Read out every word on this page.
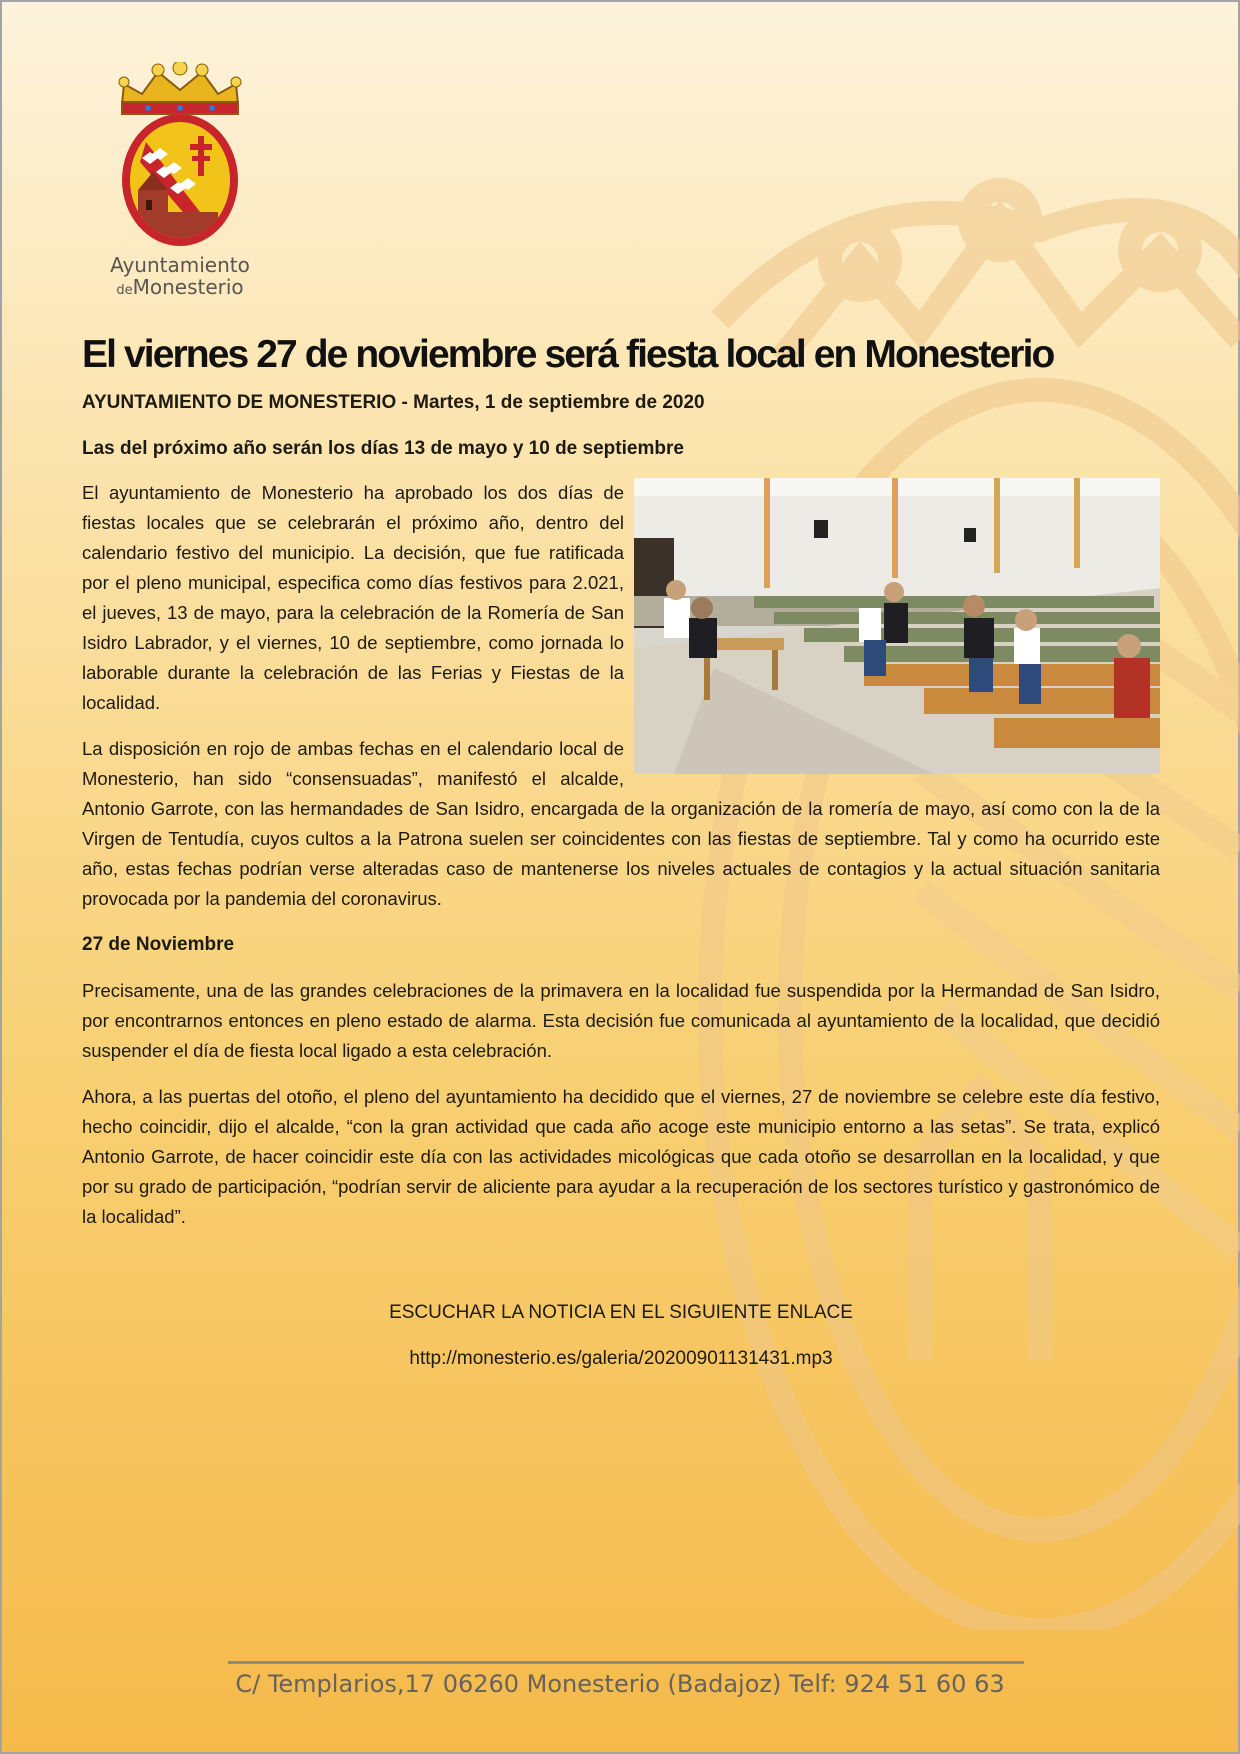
Ayuntamiento
deMonesterio
El viernes 27 de noviembre será fiesta local en Monesterio

AYUNTAMIENTO DE MONESTERIO - Martes, 1 de septiembre de 2020

Las del próximo año serán los días 13 de mayo y 10 de septiembre

El ayuntamiento de Monesterio ha aprobado los dos días de fiestas locales que se celebrarán el próximo año, dentro del calendario festivo del municipio. La decisión, que fue ratificada por el pleno municipal, especifica como días festivos para 2.021, el jueves, 13 de mayo, para la celebración de la Romería de San Isidro Labrador, y el viernes, 10 de septiembre, como jornada lo laborable durante la celebración de las Ferias y Fiestas de la localidad.

La disposición en rojo de ambas fechas en el calendario local de Monesterio, han sido “consensuadas”, manifestó el alcalde, Antonio Garrote, con las hermandades de San Isidro, encargada de la organización de la romería de mayo, así como con la de la Virgen de Tentudía, cuyos cultos a la Patrona suelen ser coincidentes con las fiestas de septiembre. Tal y como ha ocurrido este año, estas fechas podrían verse alteradas caso de mantenerse los niveles actuales de contagios y la actual situación sanitaria provocada por la pandemia del coronavirus.

27 de Noviembre

Precisamente, una de las grandes celebraciones de la primavera en la localidad fue suspendida por la Hermandad de San Isidro, por encontrarnos entonces en pleno estado de alarma. Esta decisión fue comunicada al ayuntamiento de la localidad, que decidió suspender el día de fiesta local ligado a esta celebración.

Ahora, a las puertas del otoño, el pleno del ayuntamiento ha decidido que el viernes, 27 de noviembre se celebre este día festivo, hecho coincidir, dijo el alcalde, “con la gran actividad que cada año acoge este municipio entorno a las setas”. Se trata, explicó Antonio Garrote, de hacer coincidir este día con las actividades micológicas que cada otoño se desarrollan en la localidad, y que por su grado de participación, “podrían servir de aliciente para ayudar a la recuperación de los sectores turístico y gastronómico de la localidad”.

ESCUCHAR LA NOTICIA EN EL SIGUIENTE ENLACE
http://monesterio.es/galeria/20200901131431.mp3
C/ Templarios,17 06260 Monesterio (Badajoz) Telf: 924 51 60 63
